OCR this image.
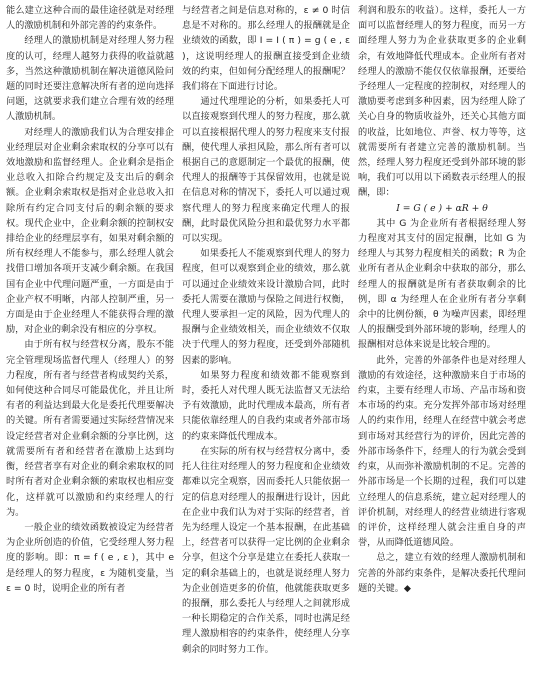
能么建立这种合而的最佳途径就是对经理人的激励机制和外部完善的约束条件。

经理人的激励机制是对经理人努力程度的认可，经理人越努力获得的收益就越多，当然这种激励机制在解决道德风险问题的同时还要注意解决所有者的逆向选择问题，这就要求我们建立合理有效的经理人激励机制。

对经理人的激励我们认为合理安排企业经理层对企业剩余索取权的分享可以有效地激励和监督经理人。企业剩余是指企业总收入扣除合约规定及支出后的剩余额。企业剩余索取权是指对企业总收入扣除所有约定合同支付后的剩余额的要求权。现代企业中，企业剩余额的控制权安排给企业的经理层享有，如果对剩余额的所有权经理人不能参与，那么经理人就会找借口增加各项开支减少剩余额。在我国国有企业中代理问题严重，一方面是由于企业产权不明晰，内部人控制严重，另一方面是由于企业经理人不能获得合理的激励，对企业的剩余没有相应的分享权。

由于所有权与经营权分离，股东不能完全管理现场监督代理人（经理人）的努力程度，所有者与经营者构成契约关系，如何使这种合同尽可能最优化，并且让所有者的利益达到最大化是委托代理要解决的关键。所有者需要通过实际经营情况来设定经营者对企业剩余额的分享比例，这就需要所有者和经营者在激励上达到均衡，经营者享有对企业的剩余索取权的同时所有者对企业剩余额的索取权也相应变化，这样就可以激励和约束经理人的行为。

一般企业的绩效函数被设定为经营者为企业所创造的价值，它受经理人努力程度的影响。即：π = f ( e , ε )，其中 e 是经理人的努力程度，ε 为随机变量，当 ε = 0 时，说明企业的所有者

与经营者之间是信息对称的，ε ≠ 0 时信息是不对称的。那么经理人的报酬就是企业绩效的函数，即 I = I ( π ) = g ( e , ε )，这说明经理人的报酬直接受到企业绩效的约束，但如何分配经理人的报酬呢？我们将在下面进行讨论。

通过代理理论的分析，如果委托人可以直接观察到代理人的努力程度，那么就可以直接根据代理人的努力程度来支付报酬，使代理人承担风险，那么所有者可以根据自己的意愿制定一个最优的报酬，使代理人的报酬等于其保留效用，也就是说在信息对称的情况下，委托人可以通过观察代理人的努力程度来确定代理人的报酬，此时最优风险分担和最优努力水平都可以实现。

如果委托人不能观察到代理人的努力程度，但可以观察到企业的绩效，那么就可以通过企业绩效来设计激励合同，此时委托人需要在激励与保险之间进行权衡，代理人要承担一定的风险，因为代理人的报酬与企业绩效相关，而企业绩效不仅取决于代理人的努力程度，还受到外部随机因素的影响。

如果努力程度和绩效都不能观察到时，委托人对代理人既无法监督又无法给予有效激励，此时代理成本最高，所有者只能依靠经理人的自我约束或者外部市场的约束来降低代理成本。

在实际的所有权与经营权分离中，委托人往往对经理人的努力程度和企业绩效都难以完全观察，因而委托人只能依据一定的信息对经理人的报酬进行设计，因此在企业中我们认为对于实际的经营者，首先为经理人设定一个基本报酬，在此基础上，经营者可以获得一定比例的企业剩余分享，但这个分享是建立在委托人获取一定的剩余基础上的，也就是说经理人努力为企业创造更多的价值，他就能获取更多的报酬，那么委托人与经理人之间就形成一种长期稳定的合作关系，同时也满足经理人激励相容的约束条件，使经理人分享剩余的同时努力工作。

利润和股东的收益）。这样，委托人一方面可以监督经理人的努力程度，而另一方面经理人努力为企业获取更多的企业剩余，有效地降低代理成本。企业所有者对经理人的激励不能仅仅依靠报酬，还要给予经理人一定程度的控制权，对经理人的激励要考虑到多种因素，因为经理人除了关心自身的物质收益外，还关心其他方面的收益，比如地位、声誉、权力等等，这就需要所有者建立完善的激励机制。当然，经理人努力程度还受到外部环境的影响，我们可以用以下函数表示经理人的报酬，即：

I = G ( e ) + αR + θ

其中 G 为企业所有者根据经理人努力程度对其支付的固定报酬，比如 G 为经理人与其努力程度相关的函数；R 为企业所有者从企业剩余中获取的部分，那么经理人的报酬就是所有者获取剩余的比例，即 α 为经理人在企业所有者分享剩余中的比例份额，θ 为噪声因素，即经理人的报酬受到外部环境的影响，经理人的报酬相对总体来说是比较合理的。

此外，完善的外部条件也是对经理人激励的有效途径，这种激励来自于市场的约束，主要有经理人市场、产品市场和资本市场的约束。充分发挥外部市场对经理人的约束作用，经理人在经营中就会考虑到市场对其经营行为的评价，因此完善的外部市场条件下，经理人的行为就会受到约束，从而弥补激励机制的不足。完善的外部市场是一个长期的过程，我们可以建立经理人的信息系统，建立起对经理人的评价机制，对经理人的经营业绩进行客观的评价，这样经理人就会注重自身的声誉，从而降低道德风险。

总之，建立有效的经理人激励机制和完善的外部约束条件，是解决委托代理问题的关键。◆
